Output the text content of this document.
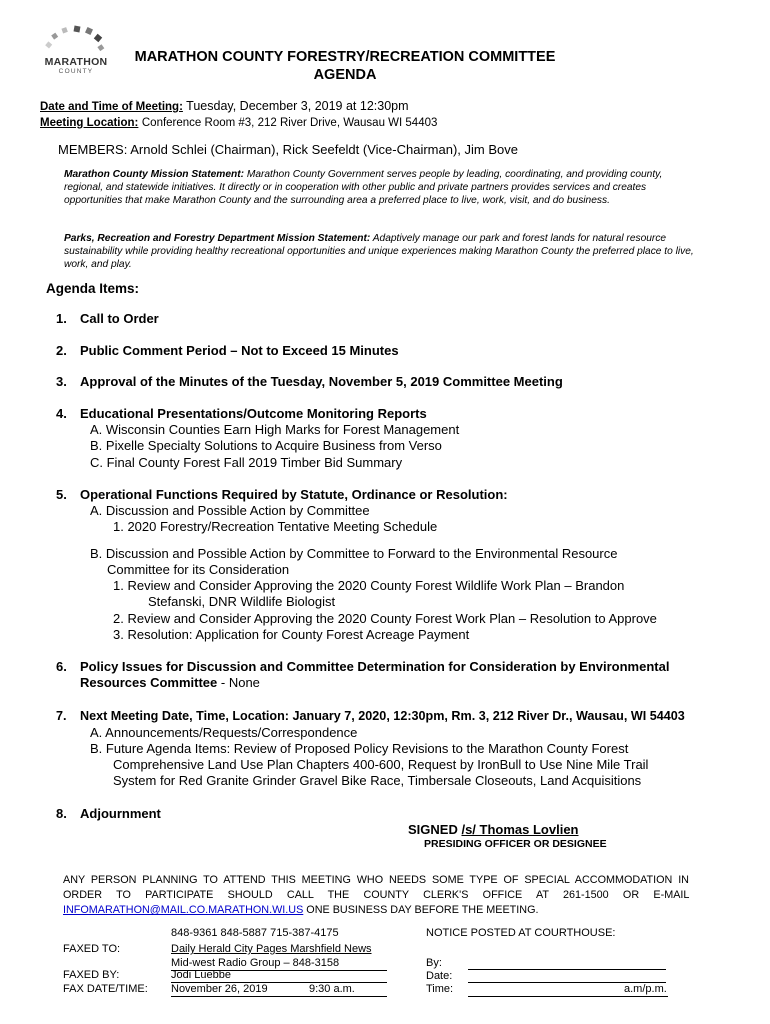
MARATHON
COUNTY
MARATHON COUNTY FORESTRY/RECREATION COMMITTEE
AGENDA
Date and Time of Meeting: Tuesday, December 3, 2019 at 12:30pm
Meeting Location: Conference Room #3, 212 River Drive, Wausau WI 54403
MEMBERS: Arnold Schlei (Chairman), Rick Seefeldt (Vice-Chairman), Jim Bove
Marathon County Mission Statement: Marathon County Government serves people by leading, coordinating, and providing county, regional, and statewide initiatives. It directly or in cooperation with other public and private partners provides services and creates opportunities that make Marathon County and the surrounding area a preferred place to live, work, visit, and do business.
Parks, Recreation and Forestry Department Mission Statement: Adaptively manage our park and forest lands for natural resource sustainability while providing healthy recreational opportunities and unique experiences making Marathon County the preferred place to live, work, and play.
Agenda Items:
1. Call to Order
2. Public Comment Period – Not to Exceed 15 Minutes
3. Approval of the Minutes of the Tuesday, November 5, 2019 Committee Meeting
4. Educational Presentations/Outcome Monitoring Reports
A. Wisconsin Counties Earn High Marks for Forest Management
B. Pixelle Specialty Solutions to Acquire Business from Verso
C. Final County Forest Fall 2019 Timber Bid Summary
5. Operational Functions Required by Statute, Ordinance or Resolution:
A. Discussion and Possible Action by Committee
1. 2020 Forestry/Recreation Tentative Meeting Schedule
B. Discussion and Possible Action by Committee to Forward to the Environmental Resource
Committee for its Consideration
1. Review and Consider Approving the 2020 County Forest Wildlife Work Plan – Brandon
Stefanski, DNR Wildlife Biologist
2. Review and Consider Approving the 2020 County Forest Work Plan – Resolution to Approve
3. Resolution: Application for County Forest Acreage Payment
6. Policy Issues for Discussion and Committee Determination for Consideration by Environmental
Resources Committee - None
7. Next Meeting Date, Time, Location: January 7, 2020, 12:30pm, Rm. 3, 212 River Dr., Wausau, WI 54403
A. Announcements/Requests/Correspondence
B. Future Agenda Items: Review of Proposed Policy Revisions to the Marathon County Forest
Comprehensive Land Use Plan Chapters 400-600, Request by IronBull to Use Nine Mile Trail
System for Red Granite Grinder Gravel Bike Race, Timbersale Closeouts, Land Acquisitions
8. Adjournment
SIGNED /s/ Thomas Lovlien
PRESIDING OFFICER OR DESIGNEE
ANY PERSON PLANNING TO ATTEND THIS MEETING WHO NEEDS SOME TYPE OF SPECIAL ACCOMMODATION IN ORDER TO PARTICIPATE SHOULD CALL THE COUNTY CLERK'S OFFICE AT 261-1500 OR E-MAIL INFOMARATHON@MAIL.CO.MARATHON.WI.US ONE BUSINESS DAY BEFORE THE MEETING.
848-9361 848-5887 715-387-4175
FAXED TO:	Daily Herald City Pages Marshfield News
Mid-west Radio Group – 848-3158
FAXED BY:	Jodi Luebbe
FAX DATE/TIME: November 26, 2019	9:30 a.m.
NOTICE POSTED AT COURTHOUSE:
By:
Date:
Time:	a.m/p.m.
